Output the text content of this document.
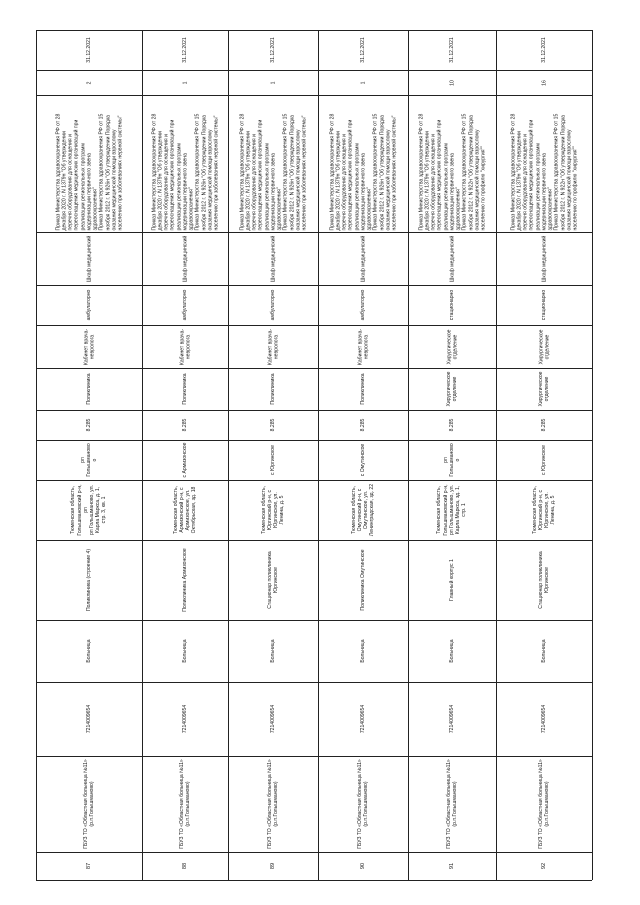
87
ГБУЗ ТО «Областная больница №11»
(р.п.Голышманово)
7214009654
Больница
Поликлиника (строение 4)
Тюменская область,
Голышмановский р-н, рп
рп Голышманово, ул.
Карла Маркса, д. 1,
стр. 3, кв. 1
рп
Голышманово
о
8.285
Поликлиника
Кабинет врача-
невролога
амбулаторно
Шкаф медицинский
Приказ Министерства здравоохранения РФ от 28
декабря 2020 г. N 1379н "Об утверждении
перечня оборудования для оснащения и
переоснащения медицинских организаций при
реализации региональных программ
модернизации первичного звена
здравоохранения"
Приказ Министерства здравоохранения РФ от 15
ноября 2012 г. N 926н "Об утверждении Порядка
оказания медицинской помощи взрослому
населению при заболеваниях нервной системы"
2
31.12.2021
88
ГБУЗ ТО «Областная больница №11»
(р.п.Голышманово)
7214009654
Больница
Поликлиника Армизонское
Тюменская область,
Армизонский р-н, с
Армизонское, ул.
Октябрьская, зд. 18
с Армизонское
8.285
Поликлиника
Кабинет врача-
невролога
амбулаторно
Шкаф медицинский
Приказ Министерства здравоохранения РФ от 28
декабря 2020 г. N 1379н "Об утверждении
перечня оборудования для оснащения и
переоснащения медицинских организаций при
реализации региональных программ
модернизации первичного звена
здравоохранения"
Приказ Министерства здравоохранения РФ от 15
ноября 2012 г. N 926н "Об утверждении Порядка
оказания медицинской помощи взрослому
населению при заболеваниях нервной системы"
1
31.12.2021
89
ГБУЗ ТО «Областная больница №11»
(р.п.Голышманово)
7214009654
Больница
Стационар поликлиника
Юргинское
Тюменская область,
Юргинский р-н, с
Юргинское, ул.
Ленина, д. 5
с Юргинское
8.285
Поликлиника
Кабинет врача-
невролога
амбулаторно
Шкаф медицинский
Приказ Министерства здравоохранения РФ от 28
декабря 2020 г. N 1379н "Об утверждении
перечня оборудования для оснащения и
переоснащения медицинских организаций при
реализации региональных программ
модернизации первичного звена
здравоохранения"
Приказ Министерства здравоохранения РФ от 15
ноября 2012 г. N 926н "Об утверждении Порядка
оказания медицинской помощи взрослому
населению при заболеваниях нервной системы"
1
31.12.2021
90
ГБУЗ ТО «Областная больница №11»
(р.п.Голышманово)
7214009654
Больница
Поликлиника Омутинское
Тюменская область,
Омутинский р-н, с
Омутинское, ул.
Ленинградская, зд. 22
с Омутинское
8.285
Поликлиника
Кабинет врача-
невролога
амбулаторно
Шкаф медицинский
Приказ Министерства здравоохранения РФ от 28
декабря 2020 г. N 1379н "Об утверждении
перечня оборудования для оснащения и
переоснащения медицинских организаций при
реализации региональных программ
модернизации первичного звена
здравоохранения"
Приказ Министерства здравоохранения РФ от 15
ноября 2012 г. N 926н "Об утверждении Порядка
оказания медицинской помощи взрослому
населению при заболеваниях нервной системы"
1
31.12.2021
91
ГБУЗ ТО «Областная больница №11»
(р.п.Голышманово)
7214009654
Больница
Главный корпус 1
Тюменская область,
Голышмановский р-н,
рп Голышманово, ул.
Карла Маркса, зд. 1,
стр. 1
рп
Голышманово
о
8.285
Хирургическое
отделение
Хирургическое
отделение
стационарно
Шкаф медицинский
Приказ Министерства здравоохранения РФ от 28
декабря 2020 г. N 1379н "Об утверждении
перечня оборудования для оснащения и
переоснащения медицинских организаций при
реализации региональных программ
модернизации первичного звена
здравоохранения"
Приказ Министерства здравоохранения РФ от 15
ноября 2012 г. N 922н "Об утверждении Порядка
оказания медицинской помощи взрослому
населению по профилю "хирургия""
10
31.12.2021
92
ГБУЗ ТО «Областная больница №11»
(р.п.Голышманово)
7214009654
Больница
Стационар поликлиника
Юргинское
Тюменская область,
Юргинский р-н, с
Юргинское, ул.
Ленина, д. 5
с Юргинское
8.285
Хирургическое
отделение
Хирургическое
отделение
стационарно
Шкаф медицинский
Приказ Министерства здравоохранения РФ от 28
декабря 2020 г. N 1379н "Об утверждении
перечня оборудования для оснащения и
переоснащения медицинских организаций при
реализации региональных программ
модернизации первичного звена
здравоохранения"
Приказ Министерства здравоохранения РФ от 15
ноября 2012 г. N 922н "Об утверждении Порядка
оказания медицинской помощи взрослому
населению по профилю "хирургия""
16
31.12.2021
